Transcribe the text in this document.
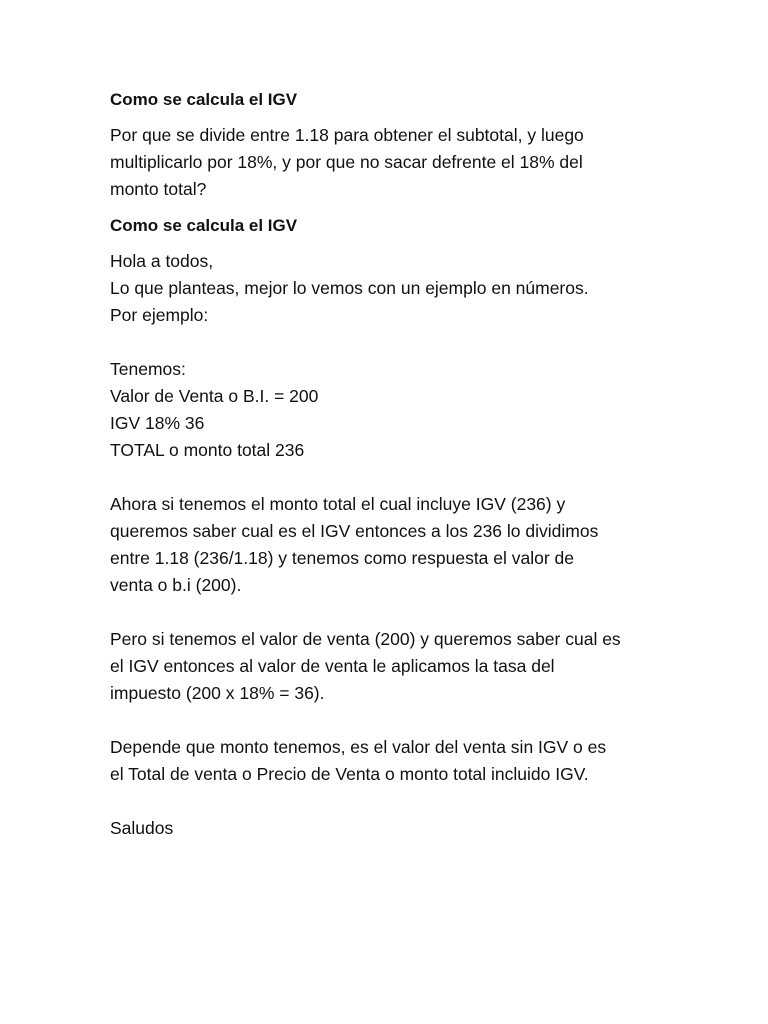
Como se calcula el IGV

Por que se divide entre 1.18 para obtener el subtotal, y luego

multiplicarlo por 18%, y por que no sacar defrente el 18% del

monto total?

Como se calcula el IGV

Hola a todos,

Lo que planteas, mejor lo vemos con un ejemplo en números.

Por ejemplo:

Tenemos:

Valor de Venta o B.I. = 200

IGV 18% 36

TOTAL o monto total 236

Ahora si tenemos el monto total el cual incluye IGV (236) y

queremos saber cual es el IGV entonces a los 236 lo dividimos

entre 1.18 (236/1.18) y tenemos como respuesta el valor de

venta o b.i (200).

Pero si tenemos el valor de venta (200) y queremos saber cual es

el IGV entonces al valor de venta le aplicamos la tasa del

impuesto (200 x 18% = 36).

Depende que monto tenemos, es el valor del venta sin IGV o es

el Total de venta o Precio de Venta o monto total incluido IGV.

Saludos
